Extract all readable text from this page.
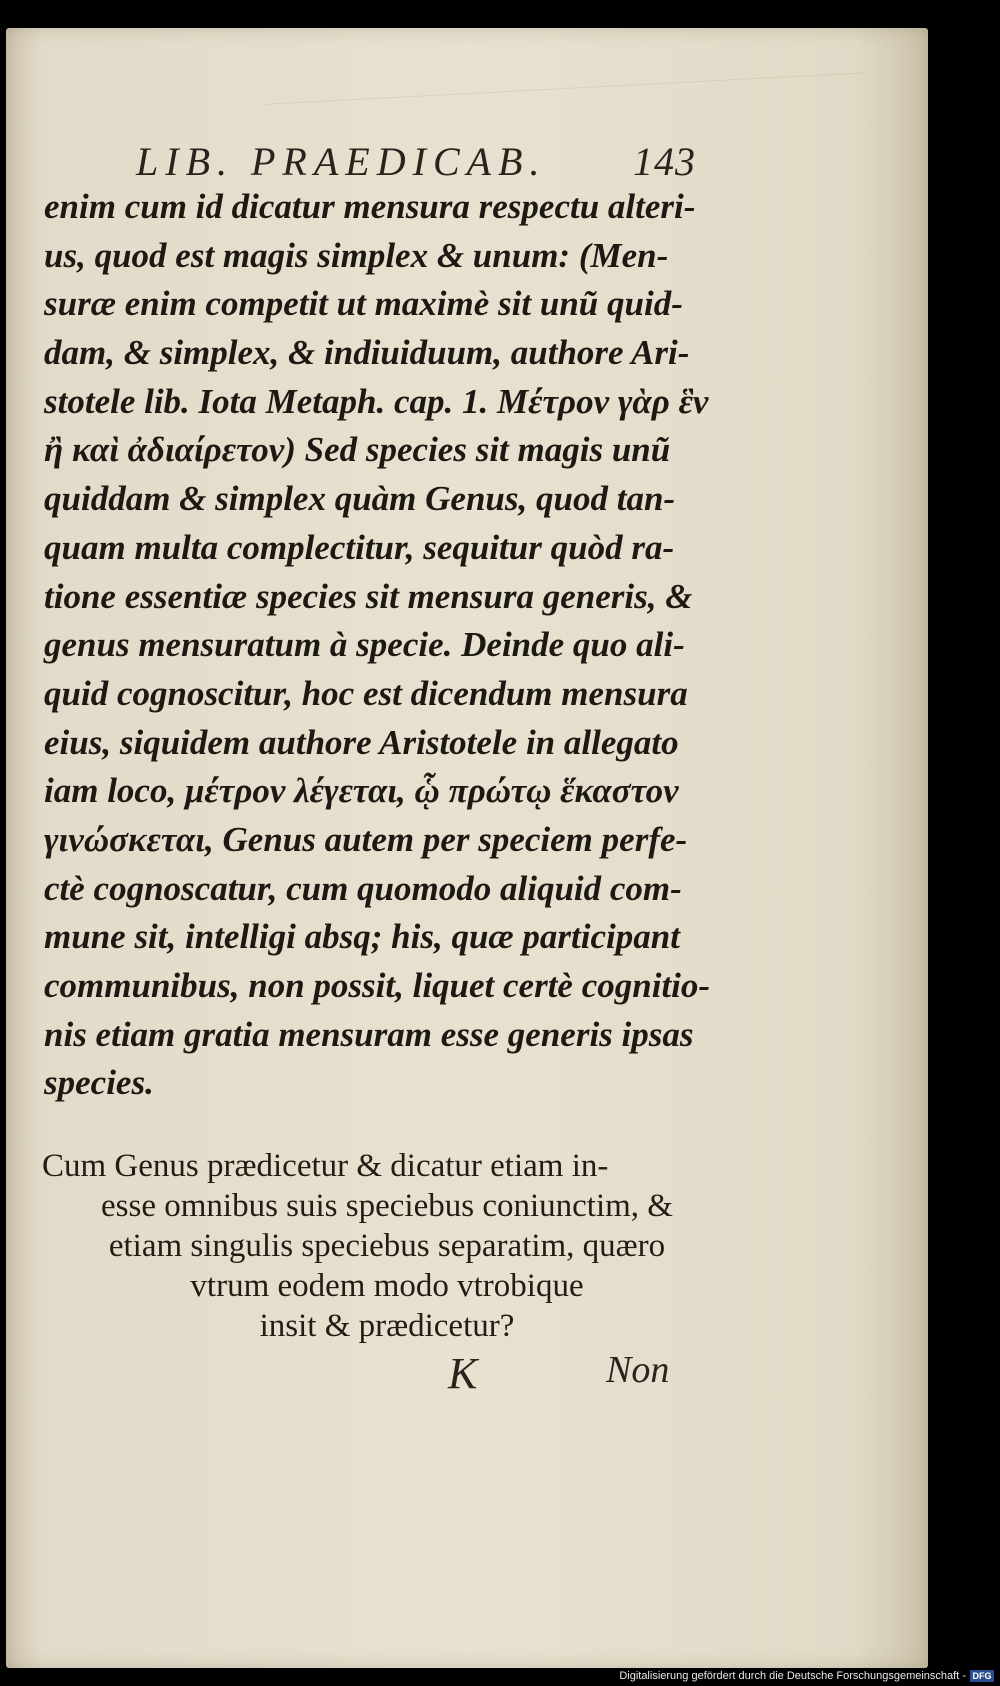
LIB. PRAEDICAB. 143
enim cum id dicatur mensura respectu alteri-
us, quod est magis simplex & unum: (Men-
suræ enim competit ut maximè sit unũ quid-
dam, & simplex, & indiuiduum, authore Ari-
stotele lib. Iota Metaph. cap. 1. Μέτρον γὰρ ἓν
ἢ καὶ ἀδιαίρετον) Sed species sit magis unũ
quiddam & simplex quàm Genus, quod tan-
quam multa complectitur, sequitur quòd ra-
tione essentiæ species sit mensura generis, &
genus mensuratum à specie. Deinde quo ali-
quid cognoscitur, hoc est dicendum mensura
eius, siquidem authore Aristotele in allegato
iam loco, μέτρον λέγεται, ᾧ πρώτῳ ἕκαστον
γινώσκεται, Genus autem per speciem perfe-
ctè cognoscatur, cum quomodo aliquid com-
mune sit, intelligi absq; his, quæ participant
communibus, non possit, liquet certè cognitio-
nis etiam gratia mensuram esse generis ipsas
species.
Cum Genus prædicetur & dicatur etiam in-
esse omnibus suis speciebus coniunctim, &
etiam singulis speciebus separatim, quæro
vtrum eodem modo vtrobique
insit & prædicetur?
K	Non
Digitalisierung gefördert durch die Deutsche Forschungsgemeinschaft - DFG
